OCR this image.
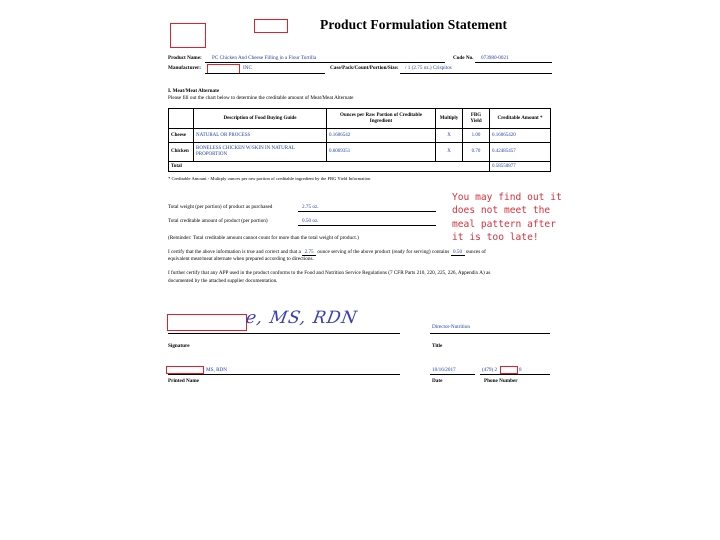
Product Formulation Statement
Product Name: PC Chicken And Cheese Filling in a Flour Tortilla	Code No. 073980-0021
Manufacturer:	INC	Case/Pack/Count/Portion/Size: / 1 (2.75 oz.) Crispitos
I. Meat/Meat Alternate
Please fill out the chart below to determine the creditable amount of Meat/Meat Alternate
	Description of Food Buying Guide	Ounces per Raw Portion of Creditable Ingredient	Multiply	FBG Yield	Creditable Amount *
Cheese	NATURAL OR PROCESS	0.1606542	X	1.00	0.16065420
Chicken	BONELESS CHICKEN W/SKIN IN NATURAL PROPORTION	0.6069351	X	0.70	0.42485457
Total					0.58550877
* Creditable Amount - Multiply ounces per raw portion of creditable ingredient by the FBG Yield Information
Total weight (per portion) of product as purchased	2.75 oz.
Total creditable amount of product (per portion)	0.50 oz.
(Reminder: Total creditable amount cannot count for more than the total weight of product.)
I certify that the above information is true and correct and that a 2.75 ounce serving of the above product (ready for serving) contains 0.50 ounces of
equivalent meat/meat alternate when prepared according to directions.
I further certify that any APP used in the product conforms to the Food and Nutrition Service Regulations (7 CFR Parts 210, 220, 225, 226, Appendix A) as
documented by the attached supplier documentation.
You may find out it does not meet the meal pattern after it is too late!
e, MS, RDN	Director-Nutrition
Signature	Title
MS, RDN	10/16/2017	(479) 2	8
Printed Name	Date	Phone Number
